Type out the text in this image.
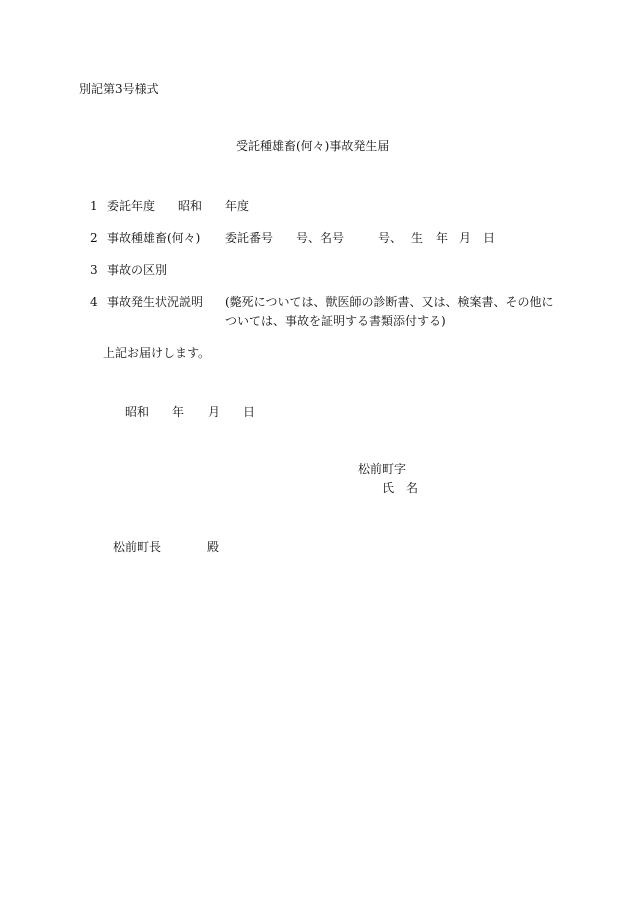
別記第3号様式
受託種雄畜(何々)事故発生届
1 委託年度 昭和 年度
2 事故種雄畜(何々) 委託番号 号、名号	号、 生 年 月 日
3 事故の区別
4 事故発生状況説明 (斃死については、獣医師の診断書、又は、検案書、その他に
ついては、事故を証明する書類添付する)
上記お届けします。
昭和 年 月 日
松前町字
氏　名
松前町長	殿
